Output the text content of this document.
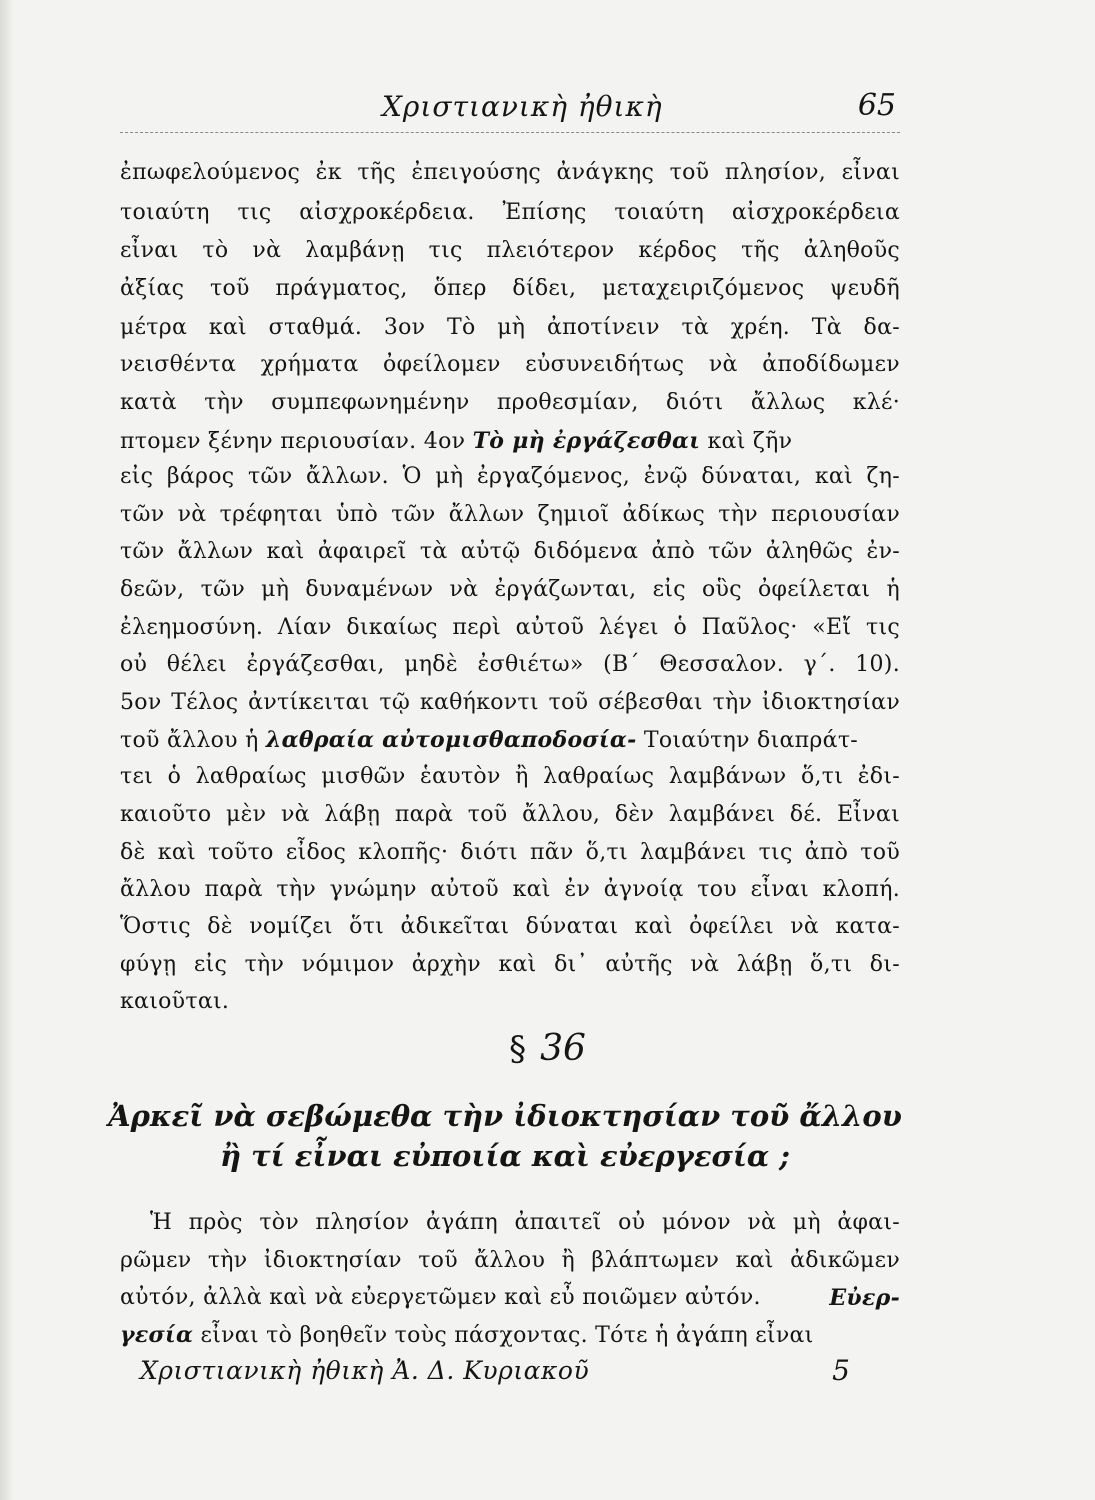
Χριστιανικὴ ἠθικὴ	65
ἐπωφελούμενος ἐκ τῆς ἐπειγούσης ἀνάγκης τοῦ πλησίον, εἶναι
τοιαύτη τις αἰσχροκέρδεια. Ἐπίσης τοιαύτη αἰσχροκέρδεια
εἶναι τὸ νὰ λαμβάνῃ τις πλειότερον κέρδος τῆς ἀληθοῦς
ἀξίας τοῦ πράγματος, ὅπερ δίδει, μεταχειριζόμενος ψευδῆ
μέτρα καὶ σταθμά. 3ον Τὸ μὴ ἀποτίνειν τὰ χρέη. Τὰ δα-
νεισθέντα χρήματα ὀφείλομεν εὐσυνειδήτως νὰ ἀποδίδωμεν
κατὰ τὴν συμπεφωνημένην προθεσμίαν, διότι ἄλλως κλέ·
πτομεν ξένην περιουσίαν. 4ον Τὸ μὴ ἐργάζεσθαι καὶ ζῆν
εἰς βάρος τῶν ἄλλων. Ὁ μὴ ἐργαζόμενος, ἐνῷ δύναται, καὶ ζη-
τῶν νὰ τρέφηται ὑπὸ τῶν ἄλλων ζημιοῖ ἀδίκως τὴν περιουσίαν
τῶν ἄλλων καὶ ἀφαιρεῖ τὰ αὐτῷ διδόμενα ἀπὸ τῶν ἀληθῶς ἐν-
δεῶν, τῶν μὴ δυναμένων νὰ ἐργάζωνται, εἰς οὓς ὀφείλεται ἡ
ἐλεημοσύνη. Λίαν δικαίως περὶ αὐτοῦ λέγει ὁ Παῦλος· «Εἴ τις
οὐ θέλει ἐργάζεσθαι, μηδὲ ἐσθιέτω» (Β΄ Θεσσαλον. γ΄. 10).
5ον Τέλος ἀντίκειται τῷ καθήκοντι τοῦ σέβεσθαι τὴν ἰδιοκτησίαν
τοῦ ἄλλου ἡ λαθραία αὐτομισθαποδοσία- Τοιαύτην διαπράτ-
τει ὁ λαθραίως μισθῶν ἑαυτὸν ἢ λαθραίως λαμβάνων ὅ,τι ἐδι-
καιοῦτο μὲν νὰ λάβῃ παρὰ τοῦ ἄλλου, δὲν λαμβάνει δέ. Εἶναι
δὲ καὶ τοῦτο εἶδος κλοπῆς· διότι πᾶν ὅ,τι λαμβάνει τις ἀπὸ τοῦ
ἄλλου παρὰ τὴν γνώμην αὐτοῦ καὶ ἐν ἀγνοίᾳ του εἶναι κλοπή.
Ὅστις δὲ νομίζει ὅτι ἀδικεῖται δύναται καὶ ὀφείλει νὰ κατα-
φύγῃ εἰς τὴν νόμιμον ἀρχὴν καὶ δι᾽ αὐτῆς νὰ λάβῃ ὅ,τι δι-
καιοῦται.
§ 36
Ἀρκεῖ νὰ σεβώμεθα τὴν ἰδιοκτησίαν τοῦ ἄλλου
ἢ τί εἶναι εὐποιία καὶ εὐεργεσία ;
Ἡ πρὸς τὸν πλησίον ἀγάπη ἀπαιτεῖ οὐ μόνον νὰ μὴ ἀφαι-
ρῶμεν τὴν ἰδιοκτησίαν τοῦ ἄλλου ἢ βλάπτωμεν καὶ ἀδικῶμεν
αὐτόν, ἀλλὰ καὶ νὰ εὐεργετῶμεν καὶ εὖ ποιῶμεν αὐτόν.	Εὐερ-
γεσία εἶναι τὸ βοηθεῖν τοὺς πάσχοντας. Τότε ἡ ἀγάπη εἶναι
Χριστιανικὴ ἠθικὴ Ἀ. Δ. Κυριακοῦ	5
